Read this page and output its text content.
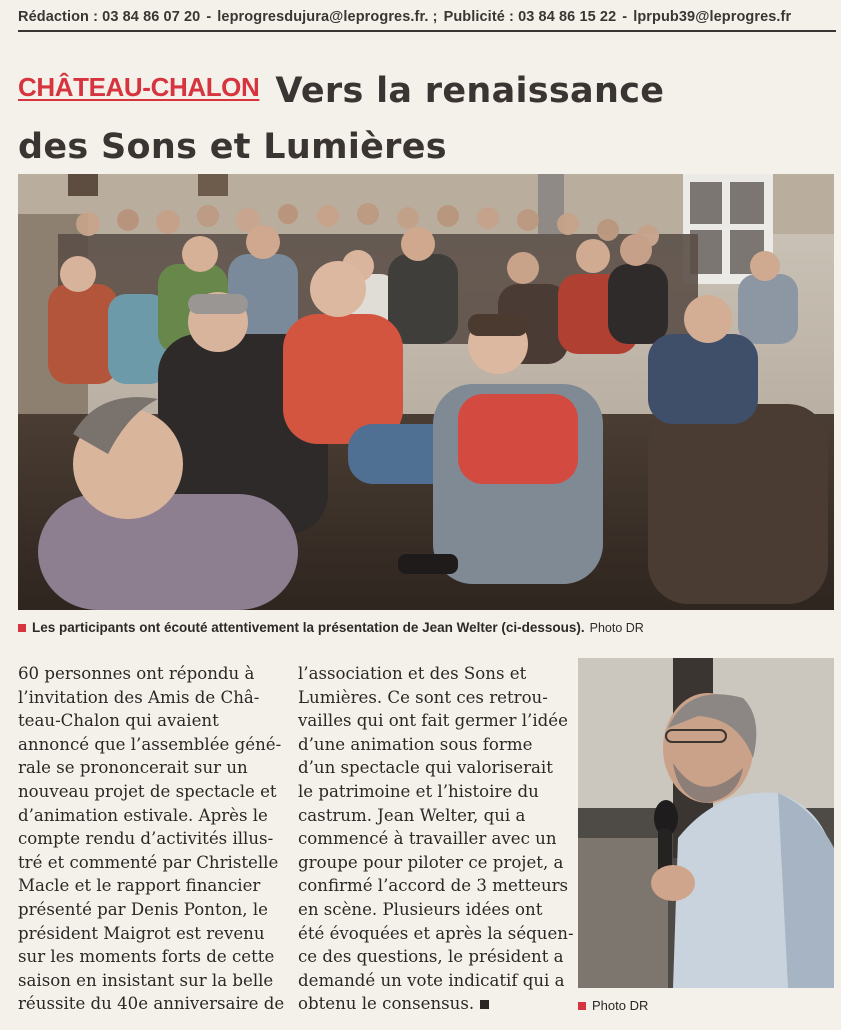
Rédaction : 03 84 86 07 20 - leprogresdujura@leprogres.fr. ; Publicité : 03 84 86 15 22 - lprpub39@leprogres.fr
CHÂTEAU-CHALON Vers la renaissance
des Sons et Lumières
Les participants ont écouté attentivement la présentation de Jean Welter (ci-dessous). Photo DR
60 personnes ont répondu à
l’invitation des Amis de Châ-
teau-Chalon qui avaient
annoncé que l’assemblée géné-
rale se prononcerait sur un
nouveau projet de spectacle et
d’animation estivale. Après le
compte rendu d’activités illus-
tré et commenté par Christelle
Macle et le rapport financier
présenté par Denis Ponton, le
président Maigrot est revenu
sur les moments forts de cette
saison en insistant sur la belle
réussite du 40e anniversaire de
l’association et des Sons et
Lumières. Ce sont ces retrou-
vailles qui ont fait germer l’idée
d’une animation sous forme
d’un spectacle qui valoriserait
le patrimoine et l’histoire du
castrum. Jean Welter, qui a
commencé à travailler avec un
groupe pour piloter ce projet, a
confirmé l’accord de 3 metteurs
en scène. Plusieurs idées ont
été évoquées et après la séquen-
ce des questions, le président a
demandé un vote indicatif qui a
obtenu le consensus.	Photo DR
